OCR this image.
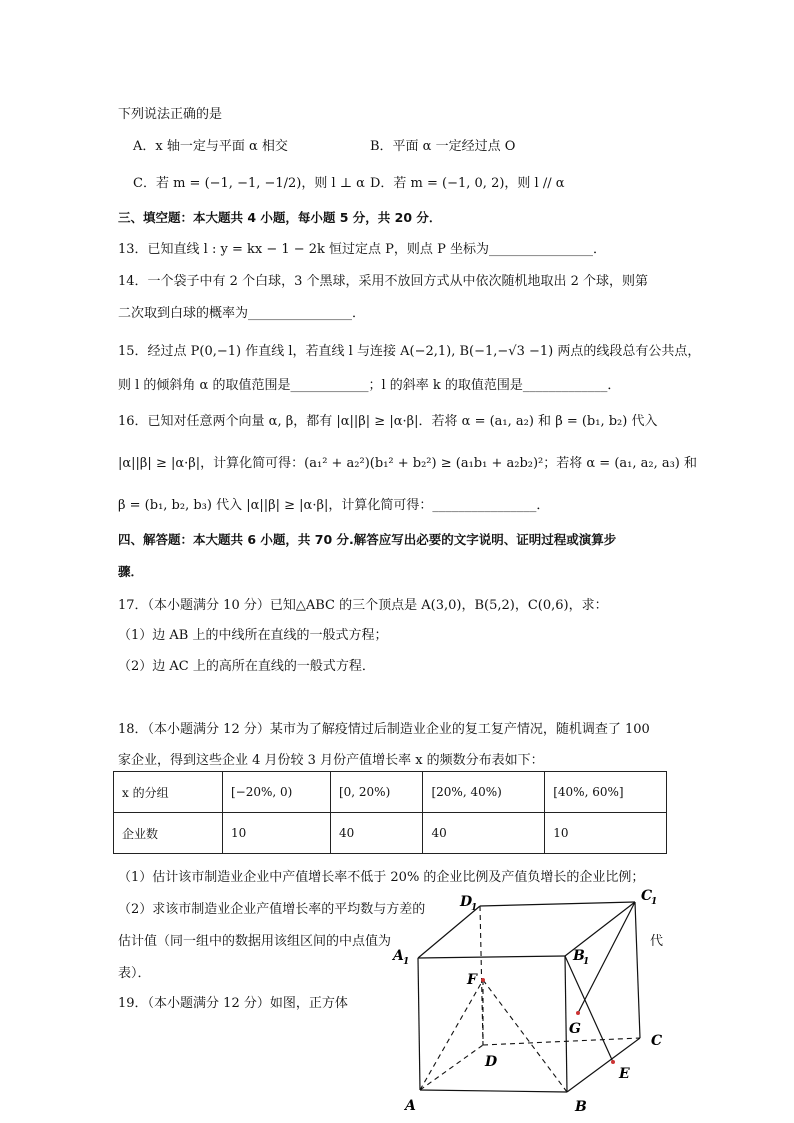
下列说法正确的是
A．x 轴一定与平面 α 相交	B．平面 α 一定经过点 O
C．若 m = (−1, −1, −1/2)，则 l ⊥ α D．若 m = (−1, 0, 2)，则 l // α
三、填空题：本大题共 4 小题，每小题 5 分，共 20 分．
13．已知直线 l : y = kx − 1 − 2k 恒过定点 P，则点 P 坐标为________________．
14．一个袋子中有 2 个白球，3 个黑球，采用不放回方式从中依次随机地取出 2 个球，则第
二次取到白球的概率为________________．
15．经过点 P(0,−1) 作直线 l，若直线 l 与连接 A(−2,1), B(−1,−√3 −1) 两点的线段总有公共点，
则 l 的倾斜角 α 的取值范围是____________；l 的斜率 k 的取值范围是_____________．
16．已知对任意两个向量 α, β，都有 |α||β| ≥ |α·β|．若将 α = (a₁, a₂) 和 β = (b₁, b₂) 代入
|α||β| ≥ |α·β|，计算化简可得：(a₁² + a₂²)(b₁² + b₂²) ≥ (a₁b₁ + a₂b₂)²；若将 α = (a₁, a₂, a₃) 和
β = (b₁, b₂, b₃) 代入 |α||β| ≥ |α·β|，计算化简可得：________________．
四、解答题：本大题共 6 小题，共 70 分.解答应写出必要的文字说明、证明过程或演算步
骤．
17．（本小题满分 10 分）已知△ABC 的三个顶点是 A(3,0)，B(5,2)，C(0,6)，求：
（1）边 AB 上的中线所在直线的一般式方程；
（2）边 AC 上的高所在直线的一般式方程．
18．（本小题满分 12 分）某市为了解疫情过后制造业企业的复工复产情况，随机调查了 100
家企业，得到这些企业 4 月份较 3 月份产值增长率 x 的频数分布表如下：
x 的分组	[−20%, 0)	[0, 20%)	[20%, 40%)	[40%, 60%]
企业数	10	40	40	10
（1）估计该市制造业企业中产值增长率不低于 20% 的企业比例及产值负增长的企业比例；
（2）求该市制造业企业产值增长率的平均数与方差的
估计值（同一组中的数据用该组区间的中点值为	代
表）．
19．（本小题满分 12 分）如图，正方体
A	B
C
D
A 1	B
1
C
1
D
1
E
F
G
